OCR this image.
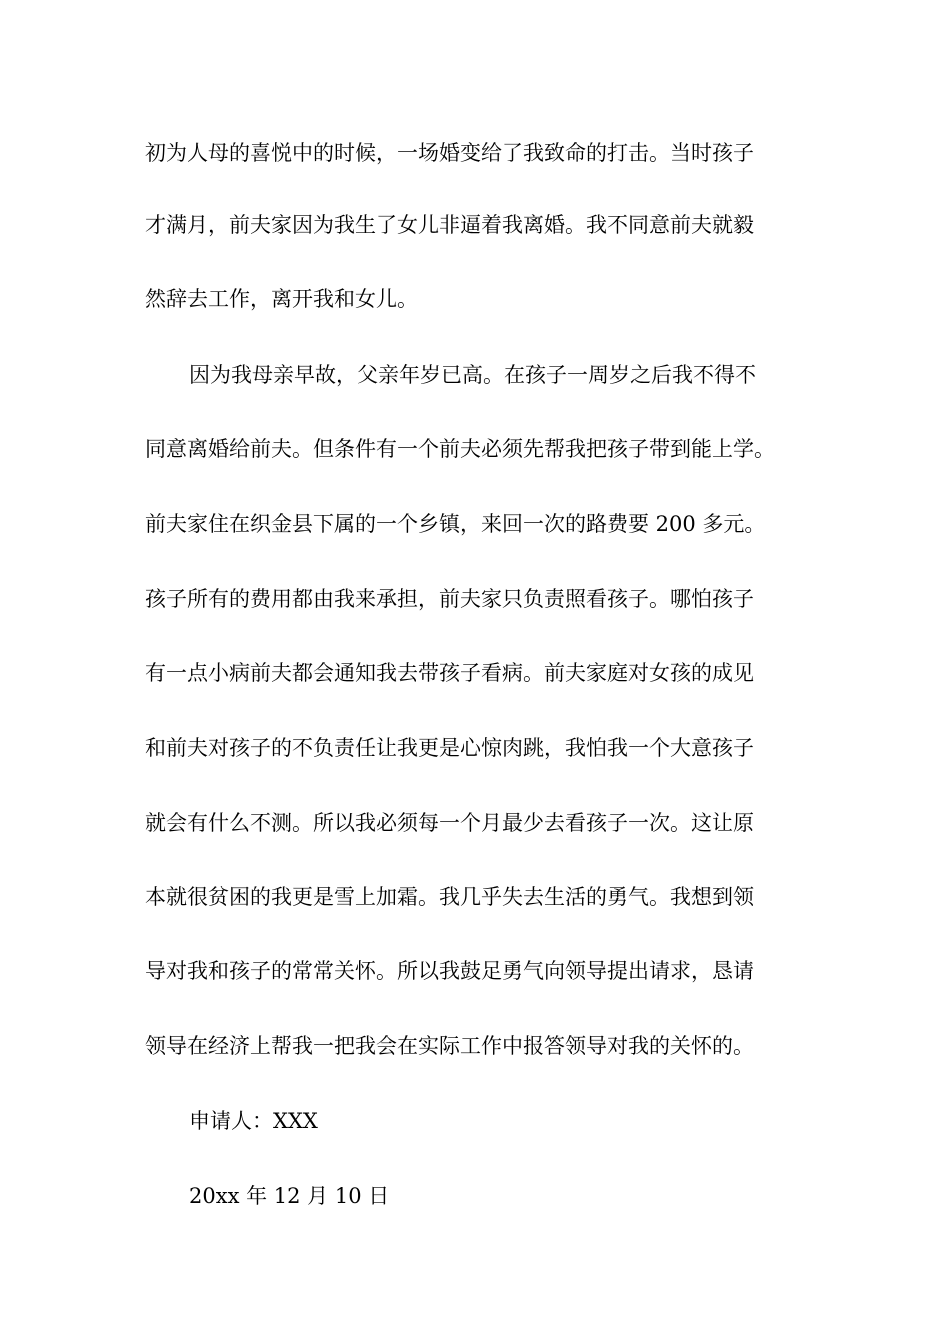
初为人母的喜悦中的时候，一场婚变给了我致命的打击。当时孩子
才满月，前夫家因为我生了女儿非逼着我离婚。我不同意前夫就毅
然辞去工作，离开我和女儿。
因为我母亲早故，父亲年岁已高。在孩子一周岁之后我不得不
同意离婚给前夫。但条件有一个前夫必须先帮我把孩子带到能上学。
前夫家住在织金县下属的一个乡镇，来回一次的路费要 200 多元。
孩子所有的费用都由我来承担，前夫家只负责照看孩子。哪怕孩子
有一点小病前夫都会通知我去带孩子看病。前夫家庭对女孩的成见
和前夫对孩子的不负责任让我更是心惊肉跳，我怕我一个大意孩子
就会有什么不测。所以我必须每一个月最少去看孩子一次。这让原
本就很贫困的我更是雪上加霜。我几乎失去生活的勇气。我想到领
导对我和孩子的常常关怀。所以我鼓足勇气向领导提出请求，恳请
领导在经济上帮我一把我会在实际工作中报答领导对我的关怀的。
申请人：XXX
20xx 年 12 月 10 日
